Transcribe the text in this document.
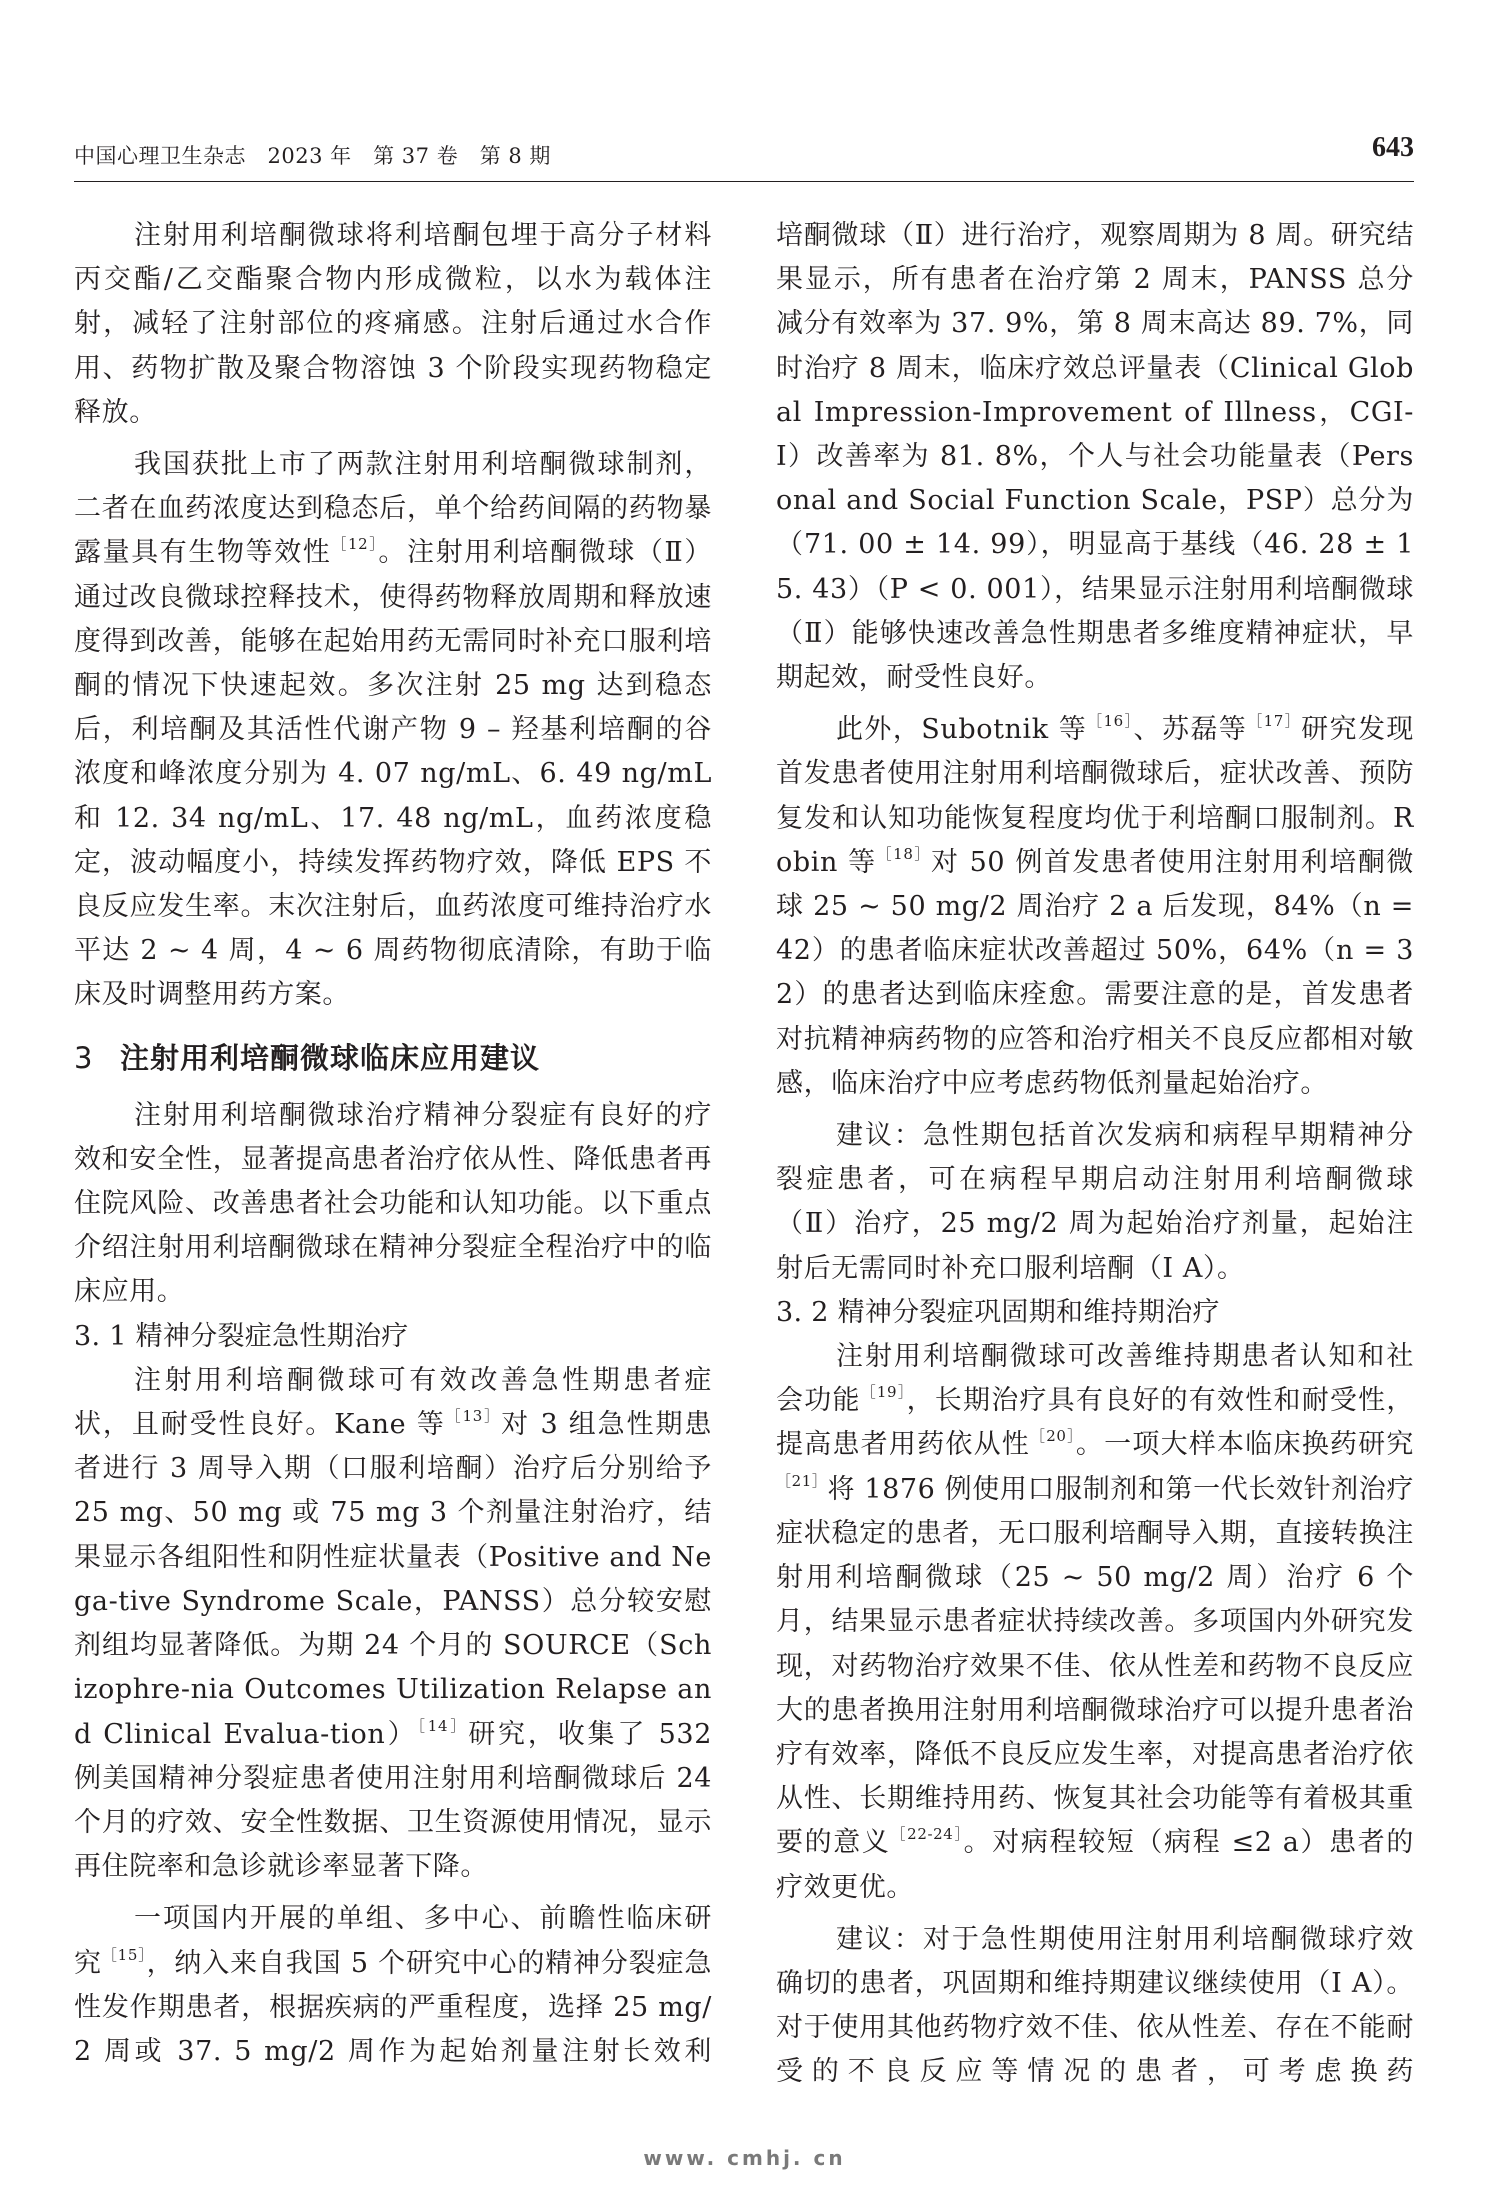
中国心理卫生杂志　2023 年　第 37 卷　第 8 期	643

注射用利培酮微球将利培酮包埋于高分子材料丙交酯/乙交酯聚合物内形成微粒，以水为载体注射，减轻了注射部位的疼痛感。注射后通过水合作用、药物扩散及聚合物溶蚀 3 个阶段实现药物稳定释放。

我国获批上市了两款注射用利培酮微球制剂，二者在血药浓度达到稳态后，单个给药间隔的药物暴露量具有生物等效性$^{[12]}$。注射用利培酮微球（Ⅱ）通过改良微球控释技术，使得药物释放周期和释放速度得到改善，能够在起始用药无需同时补充口服利培酮的情况下快速起效。多次注射 25 mg 达到稳态后，利培酮及其活性代谢产物 9 – 羟基利培酮的谷浓度和峰浓度分别为 4. 07 ng/mL、6. 49 ng/mL 和 12. 34 ng/mL、17. 48 ng/mL，血药浓度稳定，波动幅度小，持续发挥药物疗效，降低 EPS 不良反应发生率。末次注射后，血药浓度可维持治疗水平达 2 ~ 4 周，4 ~ 6 周药物彻底清除，有助于临床及时调整用药方案。

3 注射用利培酮微球临床应用建议

注射用利培酮微球治疗精神分裂症有良好的疗效和安全性，显著提高患者治疗依从性、降低患者再住院风险、改善患者社会功能和认知功能。以下重点介绍注射用利培酮微球在精神分裂症全程治疗中的临床应用。

3. 1 精神分裂症急性期治疗

注射用利培酮微球可有效改善急性期患者症状，且耐受性良好。Kane 等$^{[13]}$对 3 组急性期患者进行 3 周导入期（口服利培酮）治疗后分别给予 25 mg、50 mg 或 75 mg 3 个剂量注射治疗，结果显示各组阳性和阴性症状量表（Positive and Nega-tive Syndrome Scale，PANSS）总分较安慰剂组均显著降低。为期 24 个月的 SOURCE（Schizophre-nia Outcomes Utilization Relapse and Clinical Evalua-tion）$^{[14]}$研究，收集了 532 例美国精神分裂症患者使用注射用利培酮微球后 24 个月的疗效、安全性数据、卫生资源使用情况，显示再住院率和急诊就诊率显著下降。

一项国内开展的单组、多中心、前瞻性临床研究$^{[15]}$，纳入来自我国 5 个研究中心的精神分裂症急性发作期患者，根据疾病的严重程度，选择 25 mg/2 周或 37. 5 mg/2 周作为起始剂量注射长效利

培酮微球（Ⅱ）进行治疗，观察周期为 8 周。研究结果显示，所有患者在治疗第 2 周末，PANSS 总分减分有效率为 37. 9%，第 8 周末高达 89. 7%，同时治疗 8 周末，临床疗效总评量表（Clinical Global Impression-Improvement of Illness，CGI-I）改善率为 81. 8%，个人与社会功能量表（Personal and Social Function Scale，PSP）总分为（71. 00 ± 14. 99），明显高于基线（46. 28 ± 15. 43）（P < 0. 001），结果显示注射用利培酮微球（Ⅱ）能够快速改善急性期患者多维度精神症状，早期起效，耐受性良好。

此外，Subotnik 等$^{[16]}$、苏磊等$^{[17]}$研究发现首发患者使用注射用利培酮微球后，症状改善、预防复发和认知功能恢复程度均优于利培酮口服制剂。Robin 等$^{[18]}$对 50 例首发患者使用注射用利培酮微球 25 ~ 50 mg/2 周治疗 2 a 后发现，84%（n = 42）的患者临床症状改善超过 50%，64%（n = 32）的患者达到临床痊愈。需要注意的是，首发患者对抗精神病药物的应答和治疗相关不良反应都相对敏感，临床治疗中应考虑药物低剂量起始治疗。

建议：急性期包括首次发病和病程早期精神分裂症患者，可在病程早期启动注射用利培酮微球（Ⅱ）治疗，25 mg/2 周为起始治疗剂量，起始注射后无需同时补充口服利培酮（Ⅰ A）。

3. 2 精神分裂症巩固期和维持期治疗

注射用利培酮微球可改善维持期患者认知和社会功能$^{[19]}$，长期治疗具有良好的有效性和耐受性，提高患者用药依从性$^{[20]}$。一项大样本临床换药研究$^{[21]}$将 1876 例使用口服制剂和第一代长效针剂治疗症状稳定的患者，无口服利培酮导入期，直接转换注射用利培酮微球（25 ~ 50 mg/2 周）治疗 6 个月，结果显示患者症状持续改善。多项国内外研究发现，对药物治疗效果不佳、依从性差和药物不良反应大的患者换用注射用利培酮微球治疗可以提升患者治疗有效率，降低不良反应发生率，对提高患者治疗依从性、长期维持用药、恢复其社会功能等有着极其重要的意义$^{[22-24]}$。对病程较短（病程 ≤2 a）患者的疗效更优。

建议：对于急性期使用注射用利培酮微球疗效确切的患者，巩固期和维持期建议继续使用（Ⅰ A）。对于使用其他药物疗效不佳、依从性差、存在不能耐受的不良反应等情况的患者，可考虑换药

www. cmhj. cn
